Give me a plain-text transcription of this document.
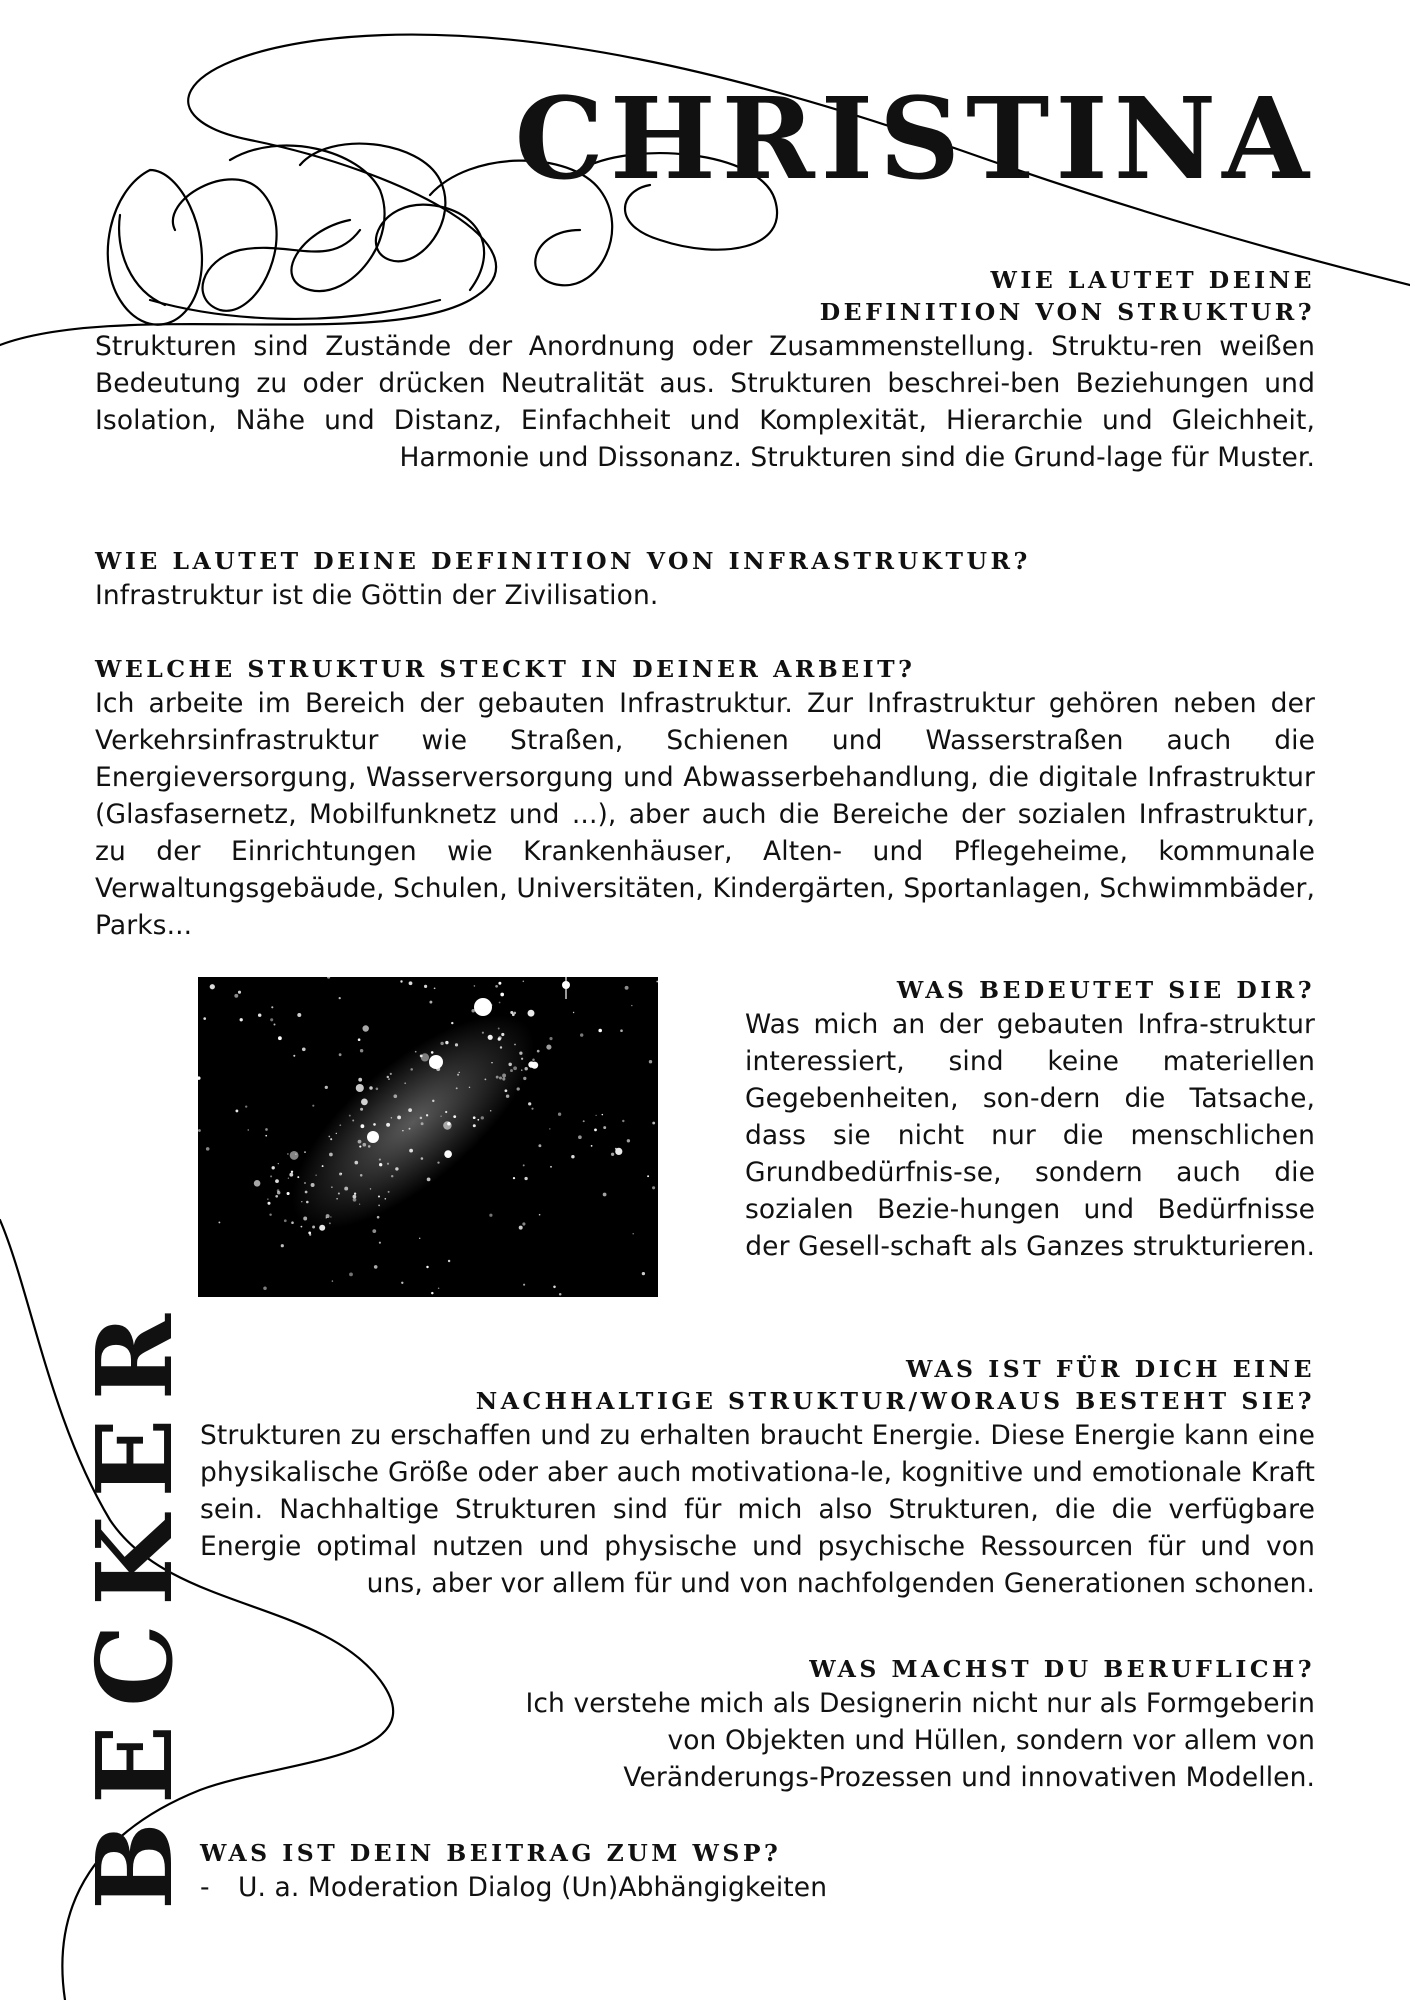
CHRISTINA
BECKER
WIE LAUTET DEINE
DEFINITION VON STRUKTUR?

Strukturen sind Zustände der Anordnung oder Zusammenstellung. Struktu-ren weißen Bedeutung zu oder drücken Neutralität aus. Strukturen beschrei-ben Beziehungen und Isolation, Nähe und Distanz, Einfachheit und Komplexität, Hierarchie und Gleichheit, Harmonie und Dissonanz. Strukturen sind die Grund-lage für Muster.

WIE LAUTET DEINE DEFINITION VON INFRASTRUKTUR?

Infrastruktur ist die Göttin der Zivilisation.

WELCHE STRUKTUR STECKT IN DEINER ARBEIT?

Ich arbeite im Bereich der gebauten Infrastruktur. Zur Infrastruktur gehören neben der Verkehrsinfrastruktur wie Straßen, Schienen und Wasserstraßen auch die Energieversorgung, Wasserversorgung und Abwasserbehandlung, die digitale Infrastruktur (Glasfasernetz, Mobilfunknetz und ...), aber auch die Bereiche der sozialen Infrastruktur, zu der Einrichtungen wie Krankenhäuser, Alten- und Pflegeheime, kommunale Verwaltungsgebäude, Schulen, Universitäten, Kindergärten, Sportanlagen, Schwimmbäder, Parks...

WAS BEDEUTET SIE DIR?

Was mich an der gebauten Infra-struktur interessiert, sind keine materiellen Gegebenheiten, son-dern die Tatsache, dass sie nicht nur die menschlichen Grundbedürfnis-se, sondern auch die sozialen Bezie-hungen und Bedürfnisse der Gesell-schaft als Ganzes strukturieren.

WAS IST FÜR DICH EINE
NACHHALTIGE STRUKTUR/WORAUS BESTEHT SIE?

Strukturen zu erschaffen und zu erhalten braucht Energie. Diese Energie kann eine physikalische Größe oder aber auch motivationa-le, kognitive und emotionale Kraft sein. Nachhaltige Strukturen sind für mich also Strukturen, die die verfügbare Energie optimal nutzen und physische und psychische Ressourcen für und von uns, aber vor allem für und von nachfolgenden Generationen schonen.

WAS MACHST DU BERUFLICH?

Ich verstehe mich als Designerin nicht nur als Formgeberin
von Objekten und Hüllen, sondern vor allem von
Veränderungs-Prozessen und innovativen Modellen.

WAS IST DEIN BEITRAG ZUM WSP?

- U. a. Moderation Dialog (Un)Abhängigkeiten
